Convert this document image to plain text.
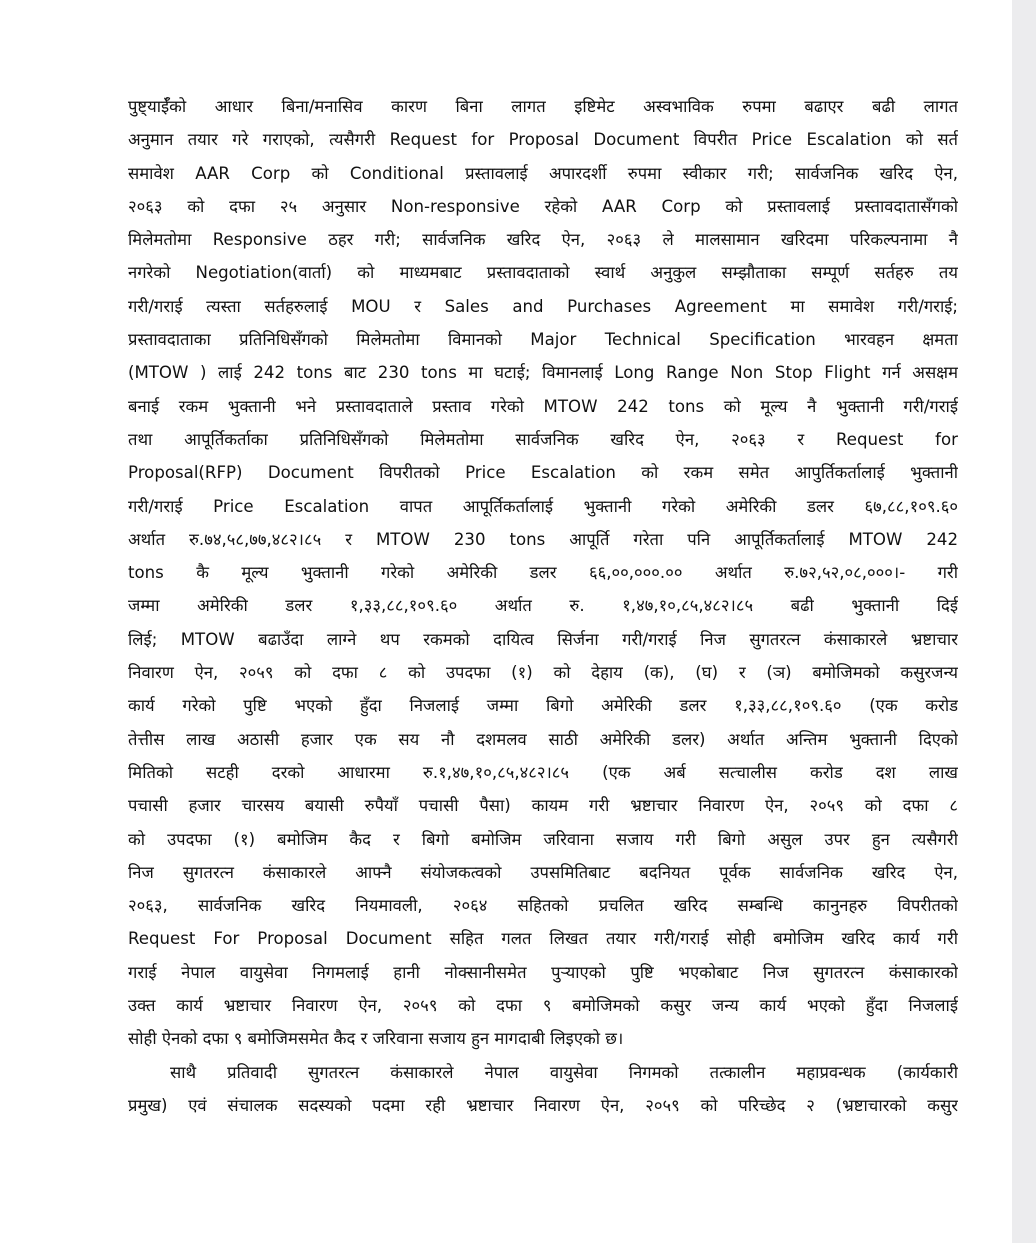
पुष्ट्याईँको आधार बिना/मनासिव कारण बिना लागत इष्टिमेट अस्वभाविक रुपमा बढाएर बढी लागत
अनुमान तयार गरे गराएको, त्यसैगरी Request for Proposal Document विपरीत Price Escalation को सर्त
समावेश AAR Corp को Conditional प्रस्तावलाई अपारदर्शी रुपमा स्वीकार गरी; सार्वजनिक खरिद ऐन,
२०६३ को दफा २५ अनुसार Non-responsive रहेको AAR Corp को प्रस्तावलाई प्रस्तावदातासँगको
मिलेमतोमा Responsive ठहर गरी; सार्वजनिक खरिद ऐन, २०६३ ले मालसामान खरिदमा परिकल्पनामा नै
नगरेको Negotiation(वार्ता) को माध्यमबाट प्रस्तावदाताको स्वार्थ अनुकुल सम्झौताका सम्पूर्ण सर्तहरु तय
गरी/गराई त्यस्ता सर्तहरुलाई MOU र Sales and Purchases Agreement मा समावेश गरी/गराई;
प्रस्तावदाताका प्रतिनिधिसँगको मिलेमतोमा विमानको Major Technical Specification भारवहन क्षमता
(MTOW ) लाई 242 tons बाट 230 tons मा घटाई; विमानलाई Long Range Non Stop Flight गर्न असक्षम
बनाई रकम भुक्तानी भने प्रस्तावदाताले प्रस्ताव गरेको MTOW 242 tons को मूल्य नै भुक्तानी गरी/गराई
तथा आपूर्तिकर्ताका प्रतिनिधिसँगको मिलेमतोमा सार्वजनिक खरिद ऐन, २०६३ र Request for
Proposal(RFP) Document विपरीतको Price Escalation को रकम समेत आपुर्तिकर्तालाई भुक्तानी
गरी/गराई Price Escalation वापत आपूर्तिकर्तालाई भुक्तानी गरेको अमेरिकी डलर ६७,८८,१०९.६०
अर्थात रु.७४,५८,७७,४८२।८५ र MTOW 230 tons आपूर्ति गरेता पनि आपूर्तिकर्तालाई MTOW 242
tons कै मूल्य भुक्तानी गरेको अमेरिकी डलर ६६,००,०००.०० अर्थात रु.७२,५२,०८,०००।- गरी
जम्मा अमेरिकी डलर १,३३,८८,१०९.६० अर्थात रु. १,४७,१०,८५,४८२।८५ बढी भुक्तानी दिई
लिई; MTOW बढाउँदा लाग्ने थप रकमको दायित्व सिर्जना गरी/गराई निज सुगतरत्न कंसाकारले भ्रष्टाचार
निवारण ऐन, २०५९ को दफा ८ को उपदफा (१) को देहाय (क), (घ) र (ञ) बमोजिमको कसुरजन्य
कार्य गरेको पुष्टि भएको हुँदा निजलाई जम्मा बिगो अमेरिकी डलर १,३३,८८,१०९.६० (एक करोड
तेत्तीस लाख अठासी हजार एक सय नौ दशमलव साठी अमेरिकी डलर) अर्थात अन्तिम भुक्तानी दिएको
मितिको सटही दरको आधारमा रु.१,४७,१०,८५,४८२।८५ (एक अर्ब सत्चालीस करोड दश लाख
पचासी हजार चारसय बयासी रुपैयाँ पचासी पैसा) कायम गरी भ्रष्टाचार निवारण ऐन, २०५९ को दफा ८
को उपदफा (१) बमोजिम कैद र बिगो बमोजिम जरिवाना सजाय गरी बिगो असुल उपर हुन त्यसैगरी
निज सुगतरत्न कंसाकारले आफ्नै संयोजकत्वको उपसमितिबाट बदनियत पूर्वक सार्वजनिक खरिद ऐन,
२०६३, सार्वजनिक खरिद नियमावली, २०६४ सहितको प्रचलित खरिद सम्बन्धि कानुनहरु विपरीतको
Request For Proposal Document सहित गलत लिखत तयार गरी/गराई सोही बमोजिम खरिद कार्य गरी
गराई नेपाल वायुसेवा निगमलाई हानी नोक्सानीसमेत पुर्‍याएको पुष्टि भएकोबाट निज सुगतरत्न कंसाकारको
उक्त कार्य भ्रष्टाचार निवारण ऐन, २०५९ को दफा ९ बमोजिमको कसुर जन्य कार्य भएको हुँदा निजलाई
सोही ऐनको दफा ९ बमोजिमसमेत कैद र जरिवाना सजाय हुन मागदाबी लिइएको छ।
साथै प्रतिवादी सुगतरत्न कंसाकारले नेपाल वायुसेवा निगमको तत्कालीन महाप्रवन्धक (कार्यकारी
प्रमुख) एवं संचालक सदस्यको पदमा रही भ्रष्टाचार निवारण ऐन, २०५९ को परिच्छेद २ (भ्रष्टाचारको कसुर
